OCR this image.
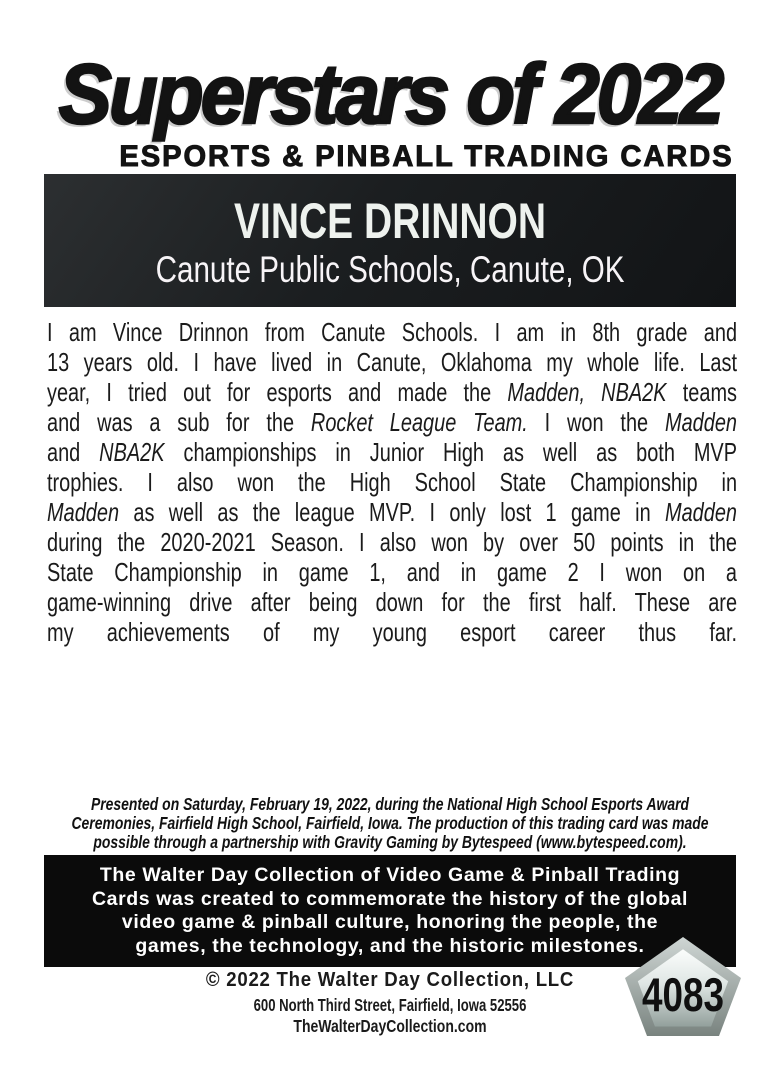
Superstars of 2022
ESPORTS & PINBALL TRADING CARDS
VINCE DRINNON
Canute Public Schools, Canute, OK
I am Vince Drinnon from Canute Schools. I am in 8th grade and
13 years old. I have lived in Canute, Oklahoma my whole life. Last
year, I tried out for esports and made the Madden, NBA2K teams
and was a sub for the Rocket League Team. I won the Madden
and NBA2K championships in Junior High as well as both MVP
trophies. I also won the High School State Championship in
Madden as well as the league MVP. I only lost 1 game in Madden
during the 2020-2021 Season. I also won by over 50 points in the
State Championship in game 1, and in game 2 I won on a
game-winning drive after being down for the first half. These are
my achievements of my young esport career thus far.
Presented on Saturday, February 19, 2022, during the National High School Esports Award
Ceremonies, Fairfield High School, Fairfield, Iowa. The production of this trading card was made
possible through a partnership with Gravity Gaming by Bytespeed (www.bytespeed.com).
The Walter Day Collection of Video Game & Pinball Trading
Cards was created to commemorate the history of the global
video game & pinball culture, honoring the people, the
games, the technology, and the historic milestones.
© 2022 The Walter Day Collection, LLC
600 North Third Street, Fairfield, Iowa 52556
TheWalterDayCollection.com
4083
